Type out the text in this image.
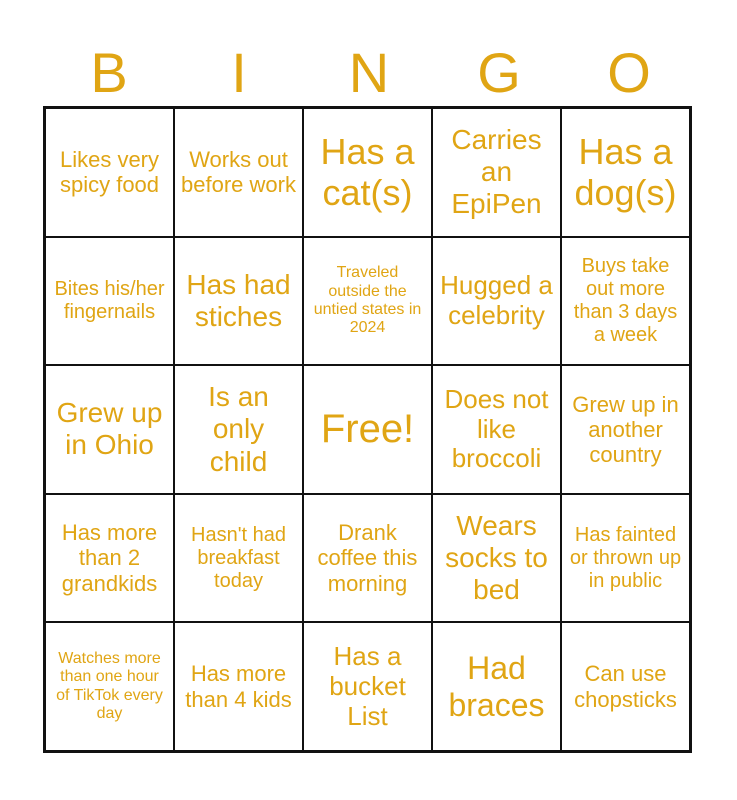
B	I	N	G	O
Likes very spicy food
Works out before work
Has a cat(s)
Carries an EpiPen
Has a dog(s)
Bites his/her fingernails
Has had stiches
Traveled outside the untied states in 2024
Hugged a celebrity
Buys take out more than 3 days a week
Grew up in Ohio
Is an only child
Free!
Does not like broccoli
Grew up in another country
Has more than 2 grandkids
Hasn't had breakfast today
Drank coffee this morning
Wears socks to bed
Has fainted or thrown up in public
Watches more than one hour of TikTok every day
Has more than 4 kids
Has a bucket List
Had braces
Can use chopsticks
